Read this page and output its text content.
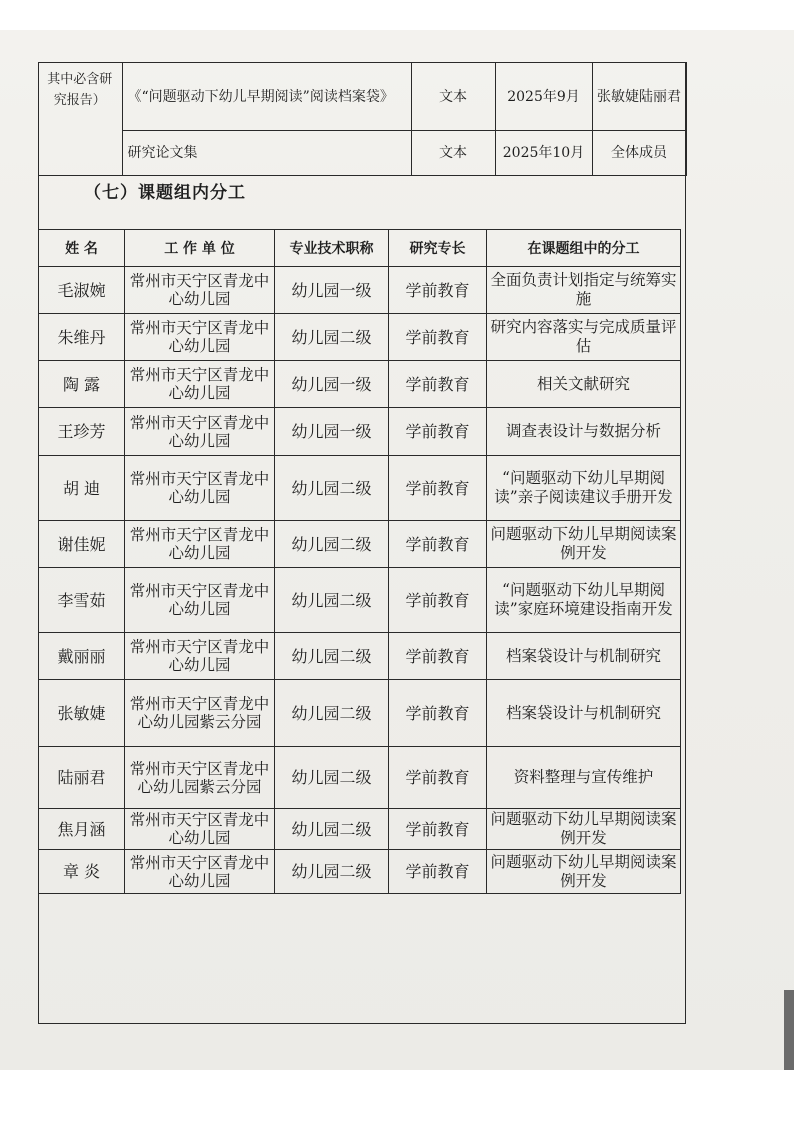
其中必含研究报告）	《“问题驱动下幼儿早期阅读”阅读档案袋》	文本	2025年9月	张敏婕陆丽君
	研究论文集	文本	2025年10月	全体成员
（七）课题组内分工
姓 名	工 作 单 位	专业技术职称	研究专长	在课题组中的分工
毛淑婉	常州市天宁区青龙中心幼儿园	幼儿园一级	学前教育	全面负责计划指定与统筹实施
朱维丹	常州市天宁区青龙中心幼儿园	幼儿园二级	学前教育	研究内容落实与完成质量评估
陶 露	常州市天宁区青龙中心幼儿园	幼儿园一级	学前教育	相关文献研究
王珍芳	常州市天宁区青龙中心幼儿园	幼儿园一级	学前教育	调查表设计与数据分析
胡 迪	常州市天宁区青龙中心幼儿园	幼儿园二级	学前教育	“问题驱动下幼儿早期阅读”亲子阅读建议手册开发
谢佳妮	常州市天宁区青龙中心幼儿园	幼儿园二级	学前教育	问题驱动下幼儿早期阅读案例开发
李雪茹	常州市天宁区青龙中心幼儿园	幼儿园二级	学前教育	“问题驱动下幼儿早期阅读”家庭环境建设指南开发
戴丽丽	常州市天宁区青龙中心幼儿园	幼儿园二级	学前教育	档案袋设计与机制研究
张敏婕	常州市天宁区青龙中心幼儿园紫云分园	幼儿园二级	学前教育	档案袋设计与机制研究
陆丽君	常州市天宁区青龙中心幼儿园紫云分园	幼儿园二级	学前教育	资料整理与宣传维护
焦月涵	常州市天宁区青龙中心幼儿园	幼儿园二级	学前教育	问题驱动下幼儿早期阅读案例开发
章 炎	常州市天宁区青龙中心幼儿园	幼儿园二级	学前教育	问题驱动下幼儿早期阅读案例开发
